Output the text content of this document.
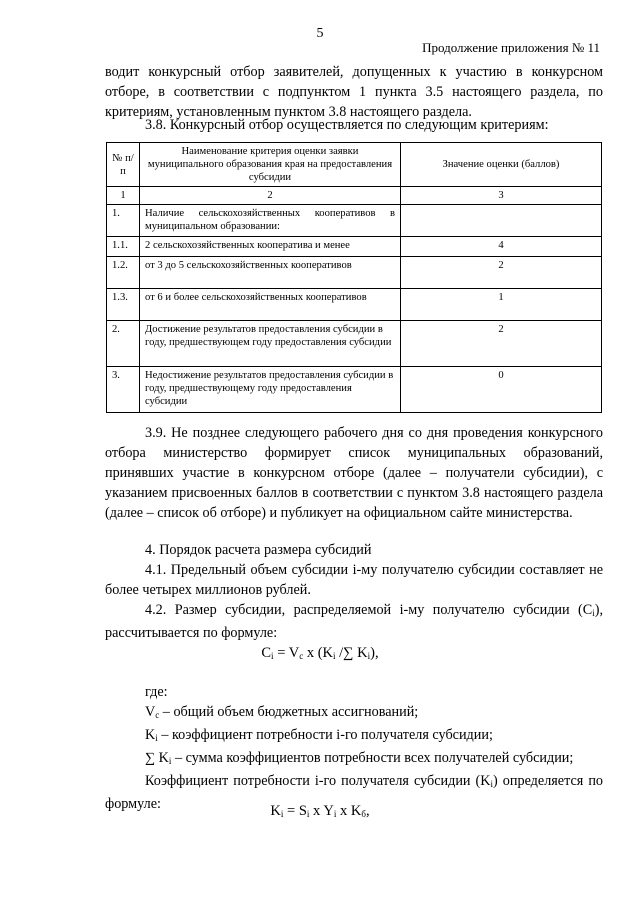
5
Продолжение приложения № 11

водит конкурсный отбор заявителей, допущенных к участию в конкурсном отборе, в соответствии с подпунктом 1 пункта 3.5 настоящего раздела, по критериям, установленным пунктом 3.8 настоящего раздела.

3.8. Конкурсный отбор осуществляется по следующим критериям:

№ п/п	Наименование критерия оценки заявки муниципального образования края на предоставления субсидии	Значение оценки (баллов)
1	2	3
1.	Наличие сельскохозяйственных кооперативов в муниципальном образовании:	
1.1.	2 сельскохозяйственных кооператива и менее	4
1.2.	от 3 до 5 сельскохозяйственных кооперативов	2
1.3.	от 6 и более сельскохозяйственных кооперативов	1
2.	Достижение результатов предоставления субсидии в году, предшествующем году предоставления субсидии	2
3.	Недостижение результатов предоставления субсидии в году, предшествующему году предоставления субсидии	0

3.9. Не позднее следующего рабочего дня со дня проведения конкурсного отбора министерство формирует список муниципальных образований, принявших участие в конкурсном отборе (далее – получатели субсидии), с указанием присвоенных баллов в соответствии с пунктом 3.8 настоящего раздела (далее – список об отборе) и публикует на официальном сайте министерства.

4. Порядок расчета размера субсидий

4.1. Предельный объем субсидии i-му получателю субсидии составляет не более четырех миллионов рублей.

4.2. Размер субсидии, распределяемой i-му получателю субсидии $(C_i)$, рассчитывается по формуле:

$C_i = V_c$ x ($K_i$ /∑ $K_i$),

где:

$V_c$ – общий объем бюджетных ассигнований;

$K_i$ – коэффициент потребности i-го получателя субсидии;

∑ $K_i$ – сумма коэффициентов потребности всех получателей субсидии;

Коэффициент потребности i-го получателя субсидии $(K_i)$ определяется по формуле:	$K_i = S_i$ x $Y_i$ x $K_б$,
